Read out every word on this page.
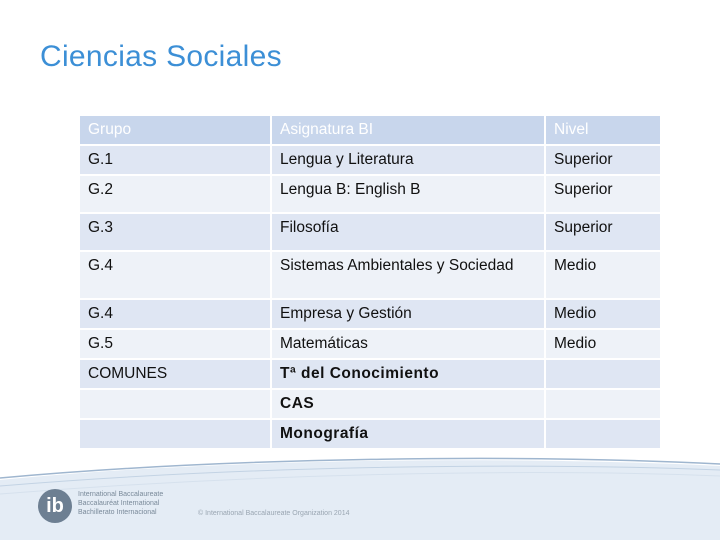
Ciencias Sociales
Grupo	Asignatura BI	Nivel
G.1	Lengua y Literatura	Superior
G.2	Lengua B: English B	Superior
G.3	Filosofía	Superior
G.4	Sistemas Ambientales y Sociedad	Medio
G.4	Empresa y Gestión	Medio
G.5	Matemáticas	Medio
COMUNES	Tª del Conocimiento	
	CAS	
	Monografía	
ib
International Baccalaureate
Baccalauréat International
Bachillerato Internacional	© International Baccalaureate Organization 2014
